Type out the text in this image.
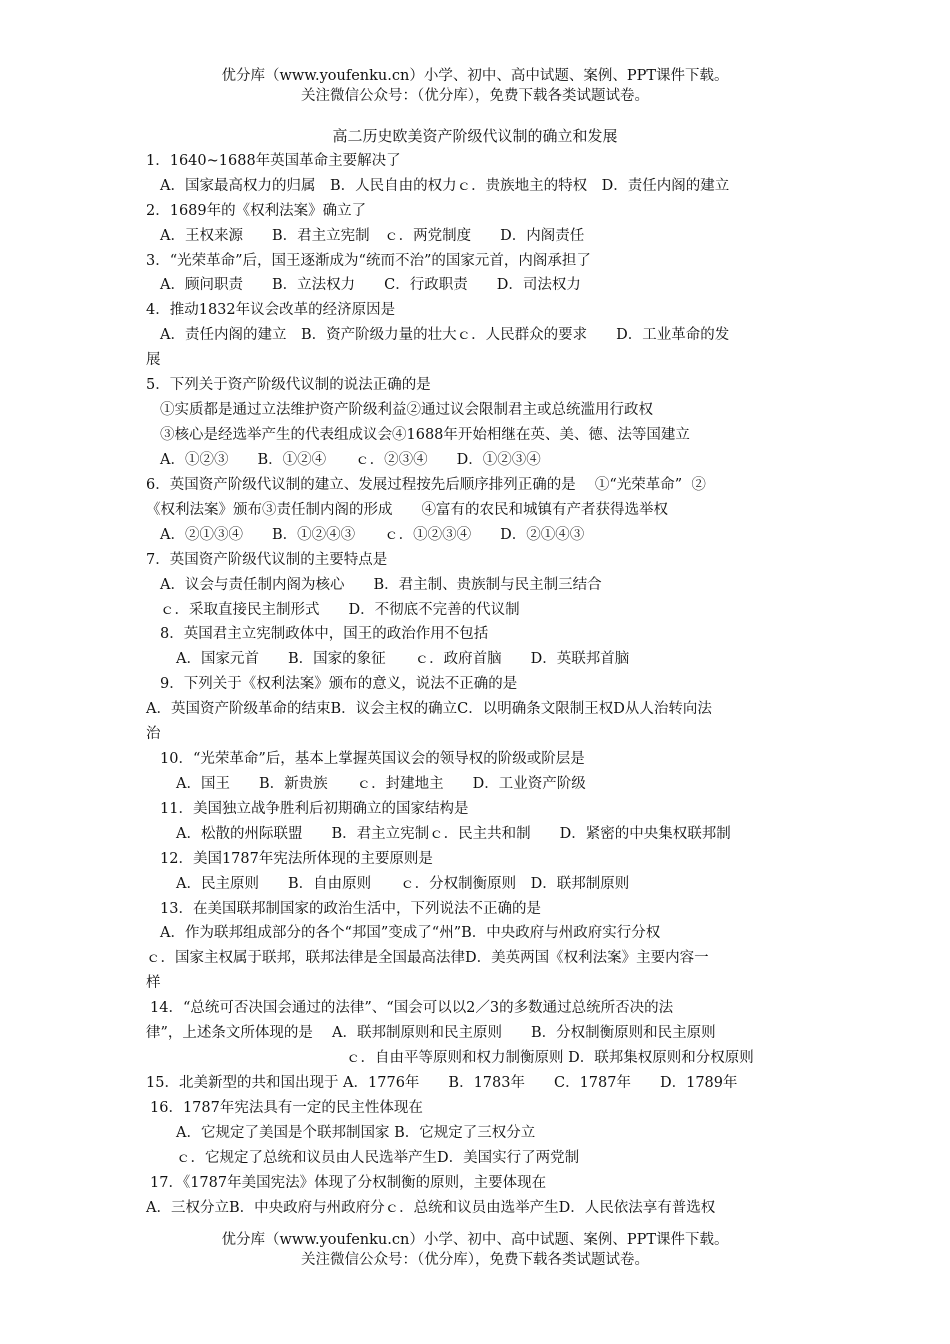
优分库（www.youfenku.cn）小学、初中、高中试题、案例、PPT课件下载。
关注微信公众号：（优分库），免费下载各类试题试卷。
高二历史欧美资产阶级代议制的确立和发展
1．1640~1688年英国革命主要解决了
A．国家最高权力的归属　B．人民自由的权力ｃ．贵族地主的特权　D．责任内阁的建立
2．1689年的《权利法案》确立了
A．王权来源　　B．君主立宪制　ｃ．两党制度　　D．内阁责任
3．“光荣革命”后，国王逐渐成为“统而不治”的国家元首，内阁承担了
A．顾问职责　　B．立法权力　　C．行政职责　　D．司法权力
4．推动1832年议会改革的经济原因是
A．责任内阁的建立　B．资产阶级力量的壮大ｃ．人民群众的要求　　D．工业革命的发
展
5．下列关于资产阶级代议制的说法正确的是
①实质都是通过立法维护资产阶级利益②通过议会限制君主或总统滥用行政权
③核心是经选举产生的代表组成议会④1688年开始相继在英、美、德、法等国建立
A．①②③　　B．①②④　　ｃ．②③④　　D．①②③④
6．英国资产阶级代议制的建立、发展过程按先后顺序排列正确的是　 ①“光荣革命”  ②
《权利法案》颁布③责任制内阁的形成　　④富有的农民和城镇有产者获得选举权
A．②①③④　　B．①②④③　　ｃ．①②③④　　D．②①④③
7．英国资产阶级代议制的主要特点是
A．议会与责任制内阁为核心　　B．君主制、贵族制与民主制三结合
ｃ．采取直接民主制形式　　D．不彻底不完善的代议制
8．英国君主立宪制政体中，国王的政治作用不包括
A．国家元首　　B．国家的象征　　ｃ．政府首脑　　D．英联邦首脑
9．下列关于《权利法案》颁布的意义，说法不正确的是
A．英国资产阶级革命的结束B．议会主权的确立C．以明确条文限制王权D从人治转向法
治
10．“光荣革命”后，基本上掌握英国议会的领导权的阶级或阶层是
A．国王　　B．新贵族　　ｃ．封建地主　　D．工业资产阶级
11．美国独立战争胜利后初期确立的国家结构是
A．松散的州际联盟　　B．君主立宪制ｃ．民主共和制　　D．紧密的中央集权联邦制
12．美国1787年宪法所体现的主要原则是
A．民主原则　　B．自由原则　　ｃ．分权制衡原则　D．联邦制原则
13．在美国联邦制国家的政治生活中，下列说法不正确的是
A．作为联邦组成部分的各个“邦国”变成了“州”B．中央政府与州政府实行分权
ｃ．国家主权属于联邦，联邦法律是全国最高法律D．美英两国《权利法案》主要内容一
样
14．“总统可否决国会通过的法律”、“国会可以以2／3的多数通过总统所否决的法
律”，上述条文所体现的是　 A．联邦制原则和民主原则　　B．分权制衡原则和民主原则
ｃ．自由平等原则和权力制衡原则 D．联邦集权原则和分权原则
15．北美新型的共和国出现于 A．1776年　　B．1783年　　C．1787年　　D．1789年
16．1787年宪法具有一定的民主性体现在
A．它规定了美国是个联邦制国家 B．它规定了三权分立
ｃ．它规定了总统和议员由人民选举产生D．美国实行了两党制
17．《1787年美国宪法》体现了分权制衡的原则，主要体现在
A．三权分立B．中央政府与州政府分ｃ．总统和议员由选举产生D．人民依法享有普选权
优分库（www.youfenku.cn）小学、初中、高中试题、案例、PPT课件下载。
关注微信公众号：（优分库），免费下载各类试题试卷。
